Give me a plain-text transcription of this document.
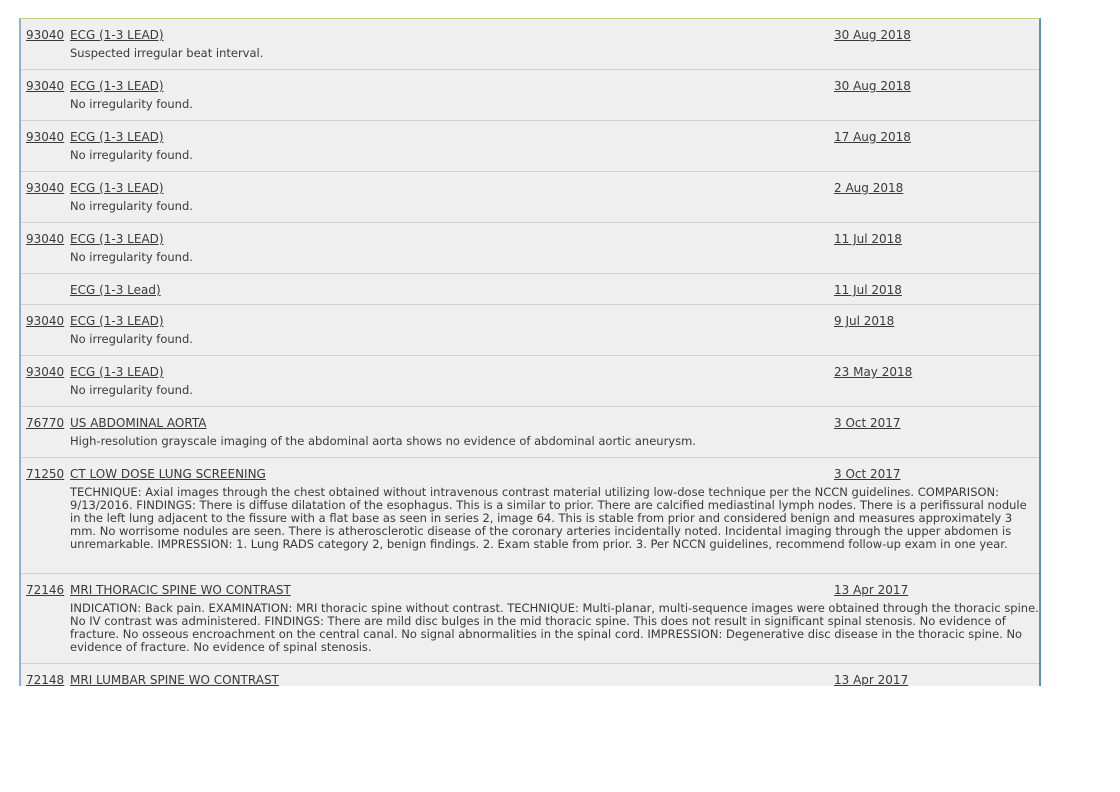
93040 ECG (1-3 LEAD)	30 Aug 2018
Suspected irregular beat interval.
93040 ECG (1-3 LEAD)	30 Aug 2018
No irregularity found.
93040 ECG (1-3 LEAD)	17 Aug 2018
No irregularity found.
93040 ECG (1-3 LEAD)	2 Aug 2018
No irregularity found.
93040 ECG (1-3 LEAD)	11 Jul 2018
No irregularity found.
ECG (1-3 Lead)	11 Jul 2018
93040 ECG (1-3 LEAD)	9 Jul 2018
No irregularity found.
93040 ECG (1-3 LEAD)	23 May 2018
No irregularity found.
76770 US ABDOMINAL AORTA	3 Oct 2017
High-resolution grayscale imaging of the abdominal aorta shows no evidence of abdominal aortic aneurysm.
71250 CT LOW DOSE LUNG SCREENING	3 Oct 2017
TECHNIQUE: Axial images through the chest obtained without intravenous contrast material utilizing low-dose technique per the NCCN guidelines. COMPARISON:
9/13/2016. FINDINGS: There is diffuse dilatation of the esophagus. This is a similar to prior. There are calcified mediastinal lymph nodes. There is a perifissural nodule
in the left lung adjacent to the fissure with a flat base as seen in series 2, image 64. This is stable from prior and considered benign and measures approximately 3
mm. No worrisome nodules are seen. There is atherosclerotic disease of the coronary arteries incidentally noted. Incidental imaging through the upper abdomen is
unremarkable. IMPRESSION: 1. Lung RADS category 2, benign findings. 2. Exam stable from prior. 3. Per NCCN guidelines, recommend follow-up exam in one year.
72146 MRI THORACIC SPINE WO CONTRAST	13 Apr 2017
INDICATION: Back pain. EXAMINATION: MRI thoracic spine without contrast. TECHNIQUE: Multi-planar, multi-sequence images were obtained through the thoracic spine.
No IV contrast was administered. FINDINGS: There are mild disc bulges in the mid thoracic spine. This does not result in significant spinal stenosis. No evidence of
fracture. No osseous encroachment on the central canal. No signal abnormalities in the spinal cord. IMPRESSION: Degenerative disc disease in the thoracic spine. No
evidence of fracture. No evidence of spinal stenosis.
72148 MRI LUMBAR SPINE WO CONTRAST	13 Apr 2017
